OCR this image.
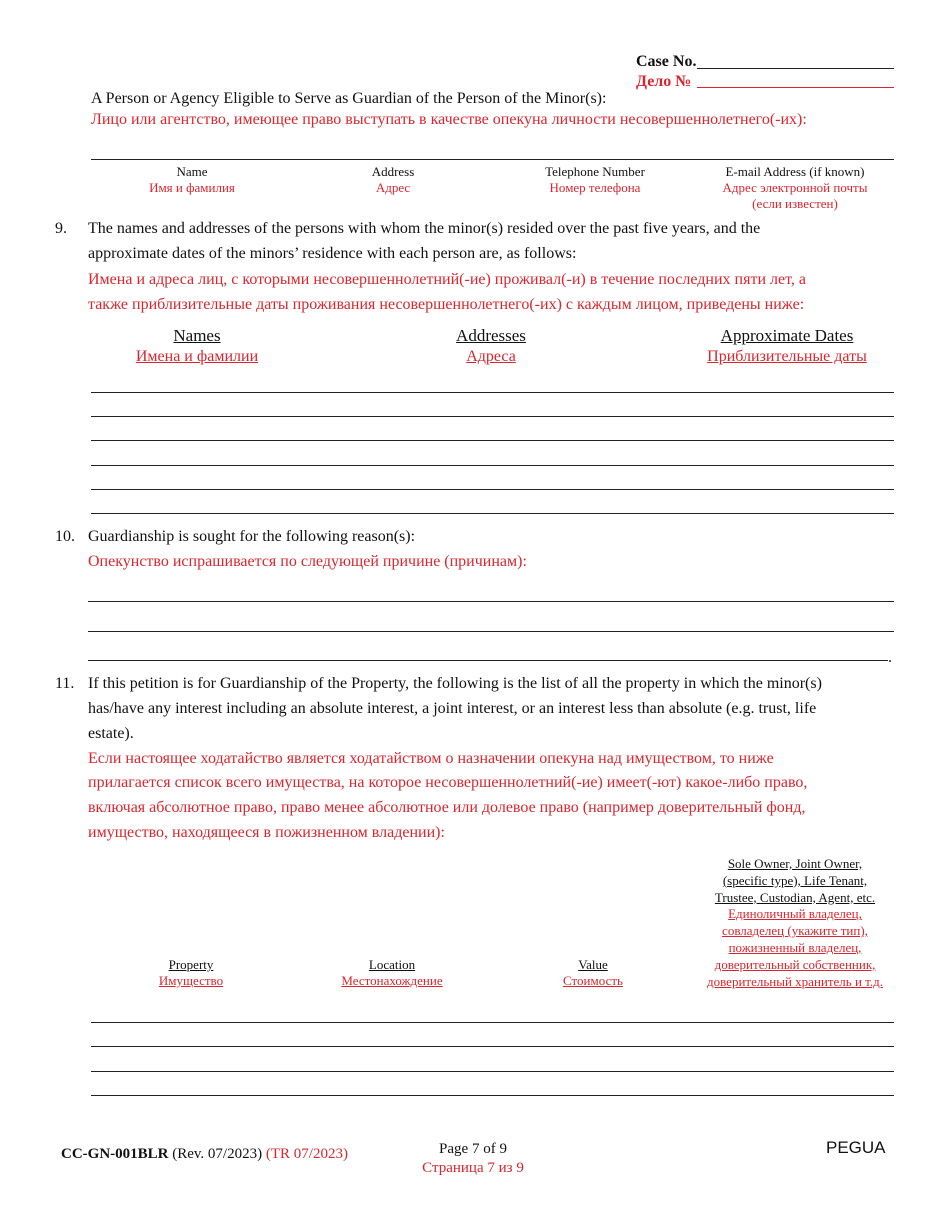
Case No.
Дело №
A Person or Agency Eligible to Serve as Guardian of the Person of the Minor(s):
Лицо или агентство, имеющее право выступать в качестве опекуна личности несовершеннолетнего(-их):
Name
Имя и фамилия
Address
Адрес
Telephone Number
Номер телефона
E-mail Address (if known)
Адрес электронной почты
(если известен)
9. The names and addresses of the persons with whom the minor(s) resided over the past five years, and the
approximate dates of the minors’ residence with each person are, as follows:
Имена и адреса лиц, с которыми несовершеннолетний(-ие) проживал(-и) в течение последних пяти лет, а
также приблизительные даты проживания несовершеннолетнего(-их) с каждым лицом, приведены ниже:
Names
Имена и фамилии
Addresses
Адреса
Approximate Dates
Приблизительные даты
10. Guardianship is sought for the following reason(s):
Опекунство испрашивается по следующей причине (причинам):
.
11. If this petition is for Guardianship of the Property, the following is the list of all the property in which the minor(s)
has/have any interest including an absolute interest, a joint interest, or an interest less than absolute (e.g. trust, life
estate).
Если настоящее ходатайство является ходатайством о назначении опекуна над имуществом, то ниже
прилагается список всего имущества, на которое несовершеннолетний(-ие) имеет(-ют) какое-либо право,
включая абсолютное право, право менее абсолютное или долевое право (например доверительный фонд,
имущество, находящееся в пожизненном владении):
Sole Owner, Joint Owner,
(specific type), Life Tenant,
Trustee, Custodian, Agent, etc.
Единоличный владелец,
совладелец (укажите тип),
пожизненный владелец,
доверительный собственник,
доверительный хранитель и т.д.
Property
Имущество
Location
Местонахождение
Value
Стоимость
CC-GN-001BLR (Rev. 07/2023) (TR 07/2023)	Page 7 of 9
Страница 7 из 9
PEGUA
